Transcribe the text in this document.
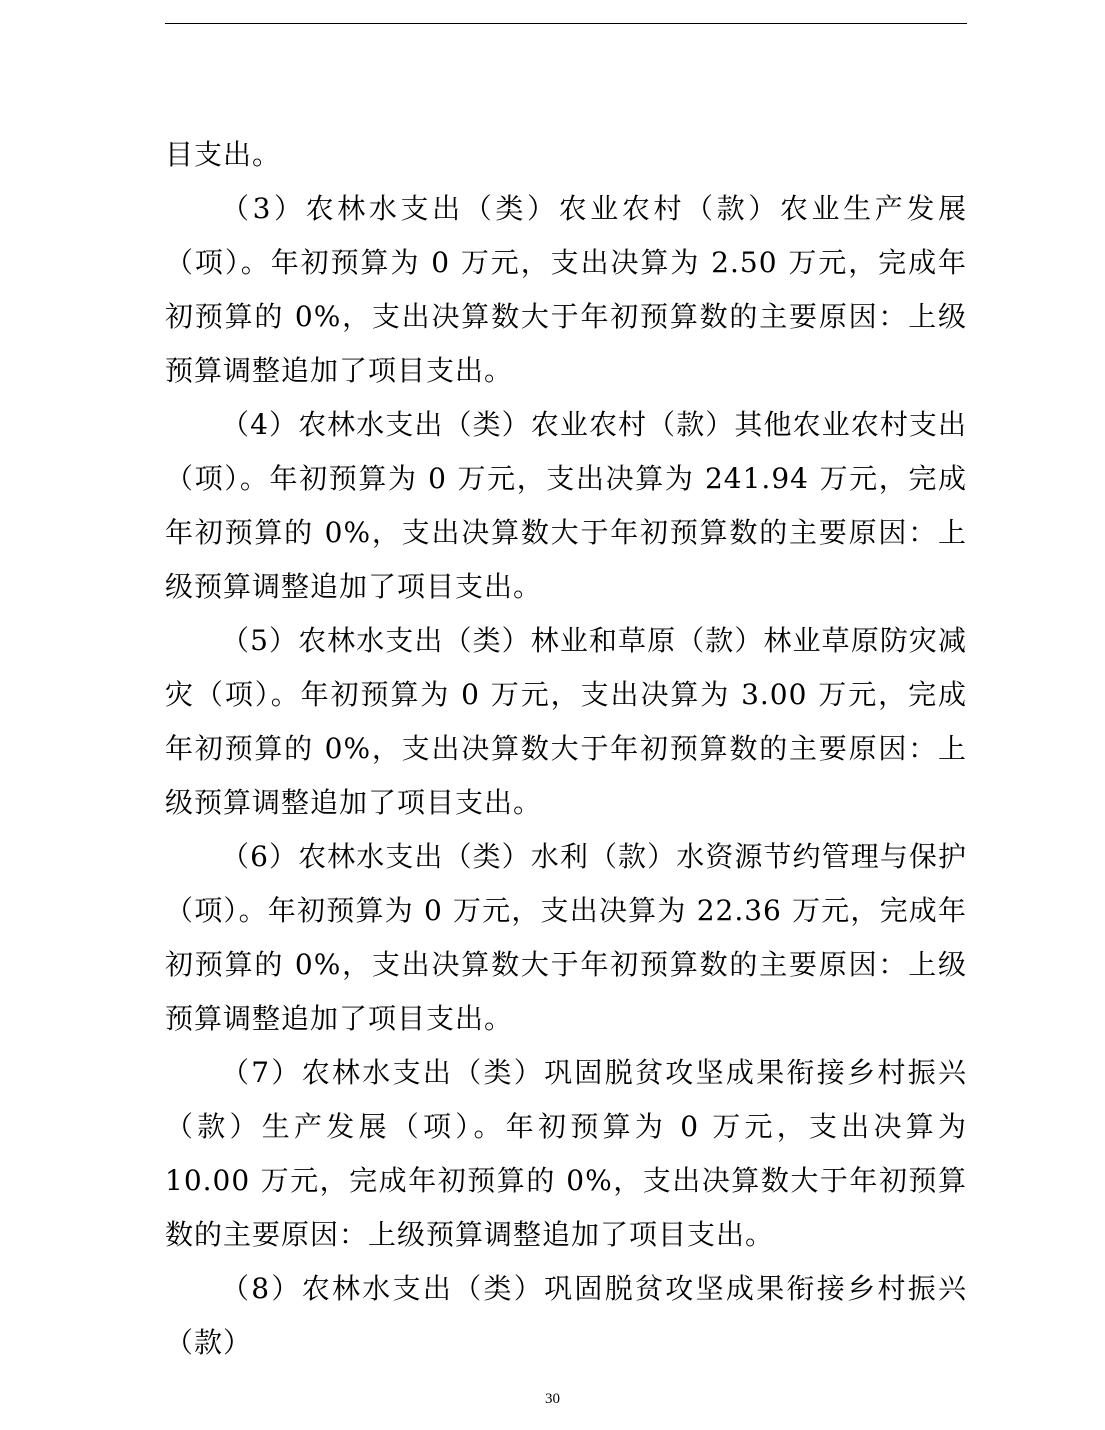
目支出。

（3）农林水支出（类）农业农村（款）农业生产发展（项）。年初预算为 0 万元，支出决算为 2.50 万元，完成年初预算的 0%，支出决算数大于年初预算数的主要原因：上级预算调整追加了项目支出。

（4）农林水支出（类）农业农村（款）其他农业农村支出（项）。年初预算为 0 万元，支出决算为 241.94 万元，完成年初预算的 0%，支出决算数大于年初预算数的主要原因：上级预算调整追加了项目支出。

（5）农林水支出（类）林业和草原（款）林业草原防灾减灾（项）。年初预算为 0 万元，支出决算为 3.00 万元，完成年初预算的 0%，支出决算数大于年初预算数的主要原因：上级预算调整追加了项目支出。

（6）农林水支出（类）水利（款）水资源节约管理与保护（项）。年初预算为 0 万元，支出决算为 22.36 万元，完成年初预算的 0%，支出决算数大于年初预算数的主要原因：上级预算调整追加了项目支出。

（7）农林水支出（类）巩固脱贫攻坚成果衔接乡村振兴（款）生产发展（项）。年初预算为 0 万元，支出决算为 10.00 万元，完成年初预算的 0%，支出决算数大于年初预算数的主要原因：上级预算调整追加了项目支出。

（8）农林水支出（类）巩固脱贫攻坚成果衔接乡村振兴（款）

30
